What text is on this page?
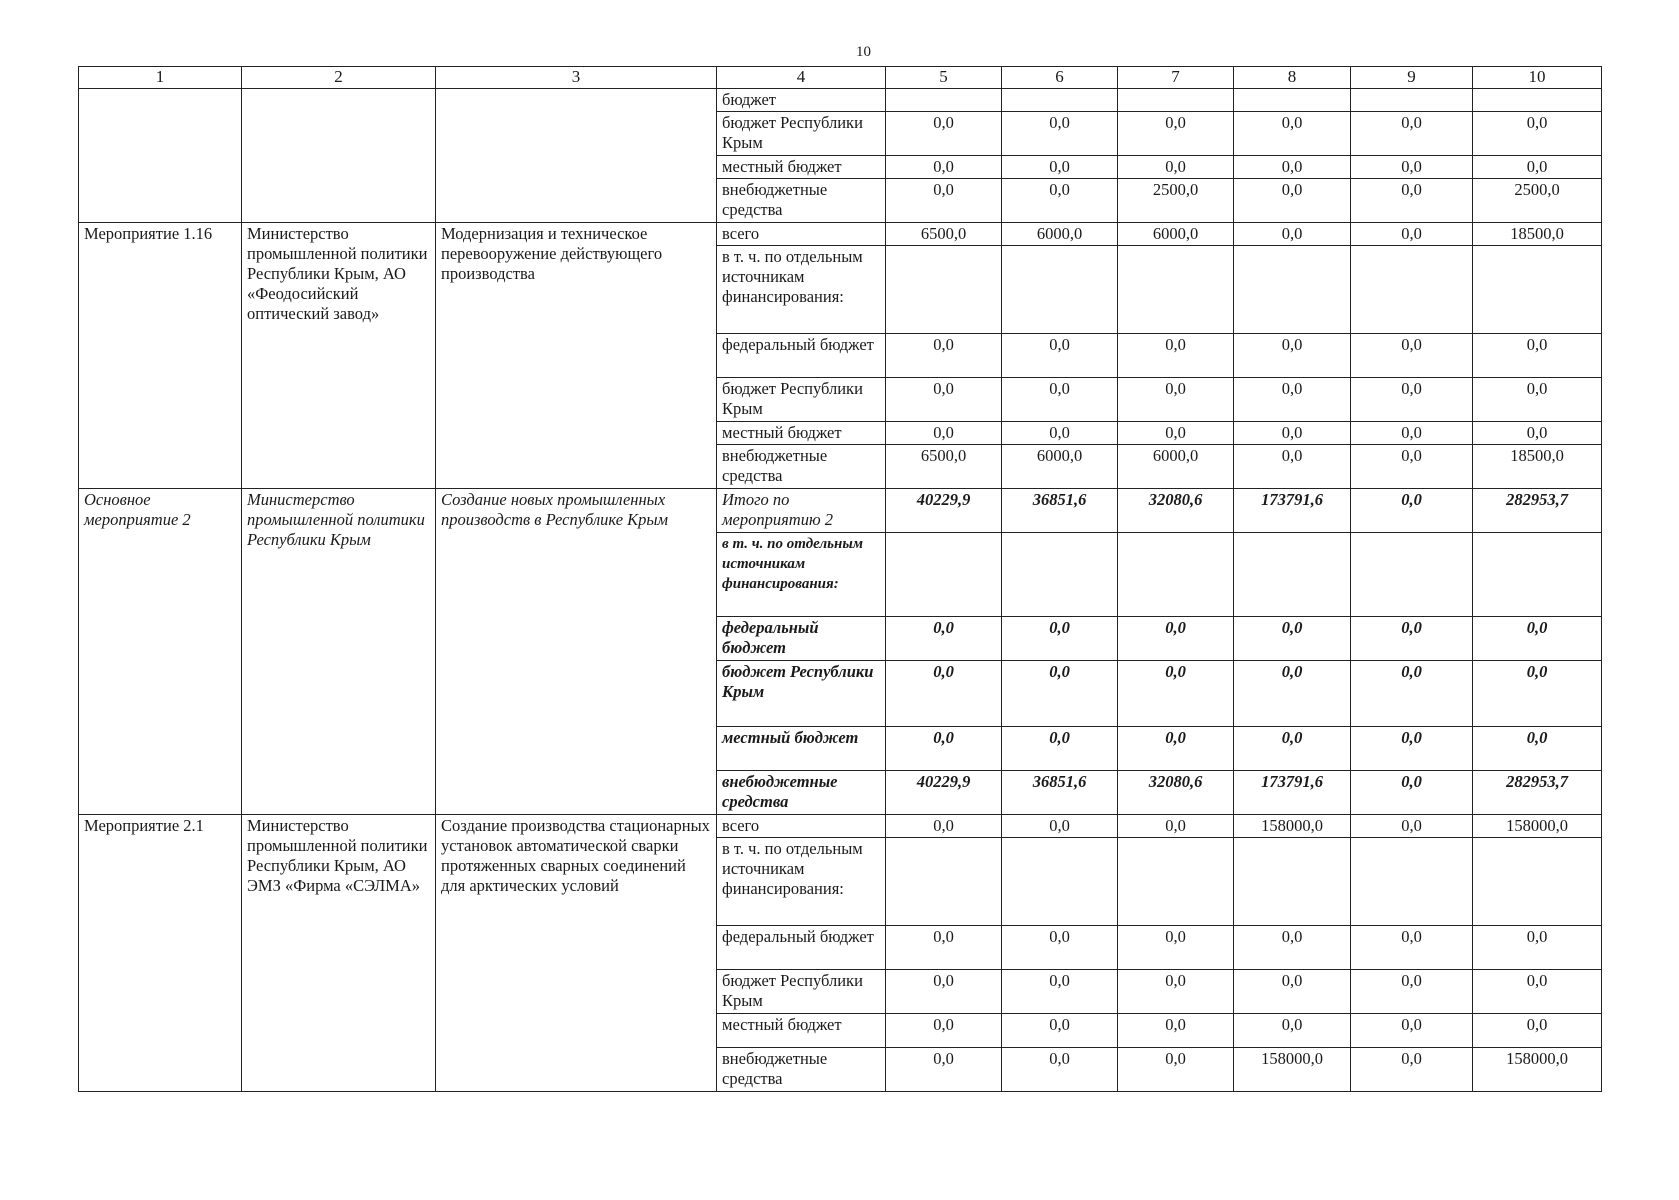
10
1	2	3	4	5	6	7	8	9	10
			бюджет						
			бюджет Республики Крым	0,0	0,0	0,0	0,0	0,0	0,0
			местный бюджет	0,0	0,0	0,0	0,0	0,0	0,0
			внебюджетные средства	0,0	0,0	2500,0	0,0	0,0	2500,0
Мероприятие 1.16	Министерство промышленной политики Республики Крым, АО «Феодосийский оптический завод»	Модернизация и техническое перевооружение действующего производства	всего	6500,0	6000,0	6000,0	0,0	0,0	18500,0
			в т. ч. по отдельным источникам финансирования:						
			федеральный бюджет	0,0	0,0	0,0	0,0	0,0	0,0
			бюджет Республики Крым	0,0	0,0	0,0	0,0	0,0	0,0
			местный бюджет	0,0	0,0	0,0	0,0	0,0	0,0
			внебюджетные средства	6500,0	6000,0	6000,0	0,0	0,0	18500,0
Основное мероприятие 2	Министерство промышленной политики Республики Крым	Создание новых промышленных производств в Республике Крым	Итого по мероприятию 2	40229,9	36851,6	32080,6	173791,6	0,0	282953,7
			в т. ч. по отдельным источникам финансирования:						
			федеральный бюджет	0,0	0,0	0,0	0,0	0,0	0,0
			бюджет Республики Крым	0,0	0,0	0,0	0,0	0,0	0,0
			местный бюджет	0,0	0,0	0,0	0,0	0,0	0,0
			внебюджетные средства	40229,9	36851,6	32080,6	173791,6	0,0	282953,7
Мероприятие 2.1	Министерство промышленной политики Республики Крым, АО ЭМЗ «Фирма «СЭЛМА»	Создание производства стационарных установок автоматической сварки протяженных сварных соединений для арктических условий	всего	0,0	0,0	0,0	158000,0	0,0	158000,0
			в т. ч. по отдельным источникам финансирования:						
			федеральный бюджет	0,0	0,0	0,0	0,0	0,0	0,0
			бюджет Республики Крым	0,0	0,0	0,0	0,0	0,0	0,0
			местный бюджет	0,0	0,0	0,0	0,0	0,0	0,0
			внебюджетные средства	0,0	0,0	0,0	158000,0	0,0	158000,0
